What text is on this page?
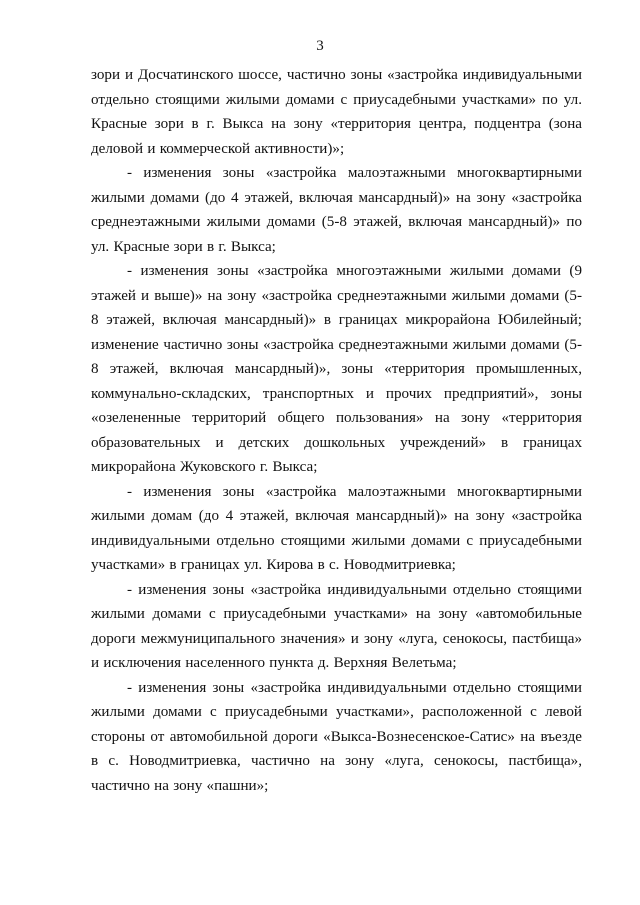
3

зори и Досчатинского шоссе, частично зоны «застройка индивидуальными отдельно стоящими жилыми домами с приусадебными участками» по ул. Красные зори в г. Выкса на зону «территория центра, подцентра (зона деловой и коммерческой активности)»;

- изменения зоны «застройка малоэтажными многоквартирными жилыми домами (до 4 этажей, включая мансардный)» на зону «застройка среднеэтажными жилыми домами (5-8 этажей, включая мансардный)» по ул. Красные зори в г. Выкса;

- изменения зоны «застройка многоэтажными жилыми домами (9 этажей и выше)» на зону «застройка среднеэтажными жилыми домами (5-8 этажей, включая мансардный)» в границах микрорайона Юбилейный; изменение частично зоны «застройка среднеэтажными жилыми домами (5-8 этажей, включая мансардный)», зоны «территория промышленных, коммунально-складских, транспортных и прочих предприятий», зоны «озелененные территорий общего пользования» на зону «территория образовательных и детских дошкольных учреждений» в границах микрорайона Жуковского г. Выкса;

- изменения зоны «застройка малоэтажными многоквартирными жилыми домам (до 4 этажей, включая мансардный)» на зону «застройка индивидуальными отдельно стоящими жилыми домами с приусадебными участками» в границах ул. Кирова в с. Новодмитриевка;

- изменения зоны «застройка индивидуальными отдельно стоящими жилыми домами с приусадебными участками» на зону «автомобильные дороги межмуниципального значения» и зону «луга, сенокосы, пастбища» и исключения населенного пункта д. Верхняя Велетьма;

- изменения зоны «застройка индивидуальными отдельно стоящими жилыми домами с приусадебными участками», расположенной с левой стороны от автомобильной дороги «Выкса-Вознесенское-Сатис» на въезде в с. Новодмитриевка, частично на зону «луга, сенокосы, пастбища», частично на зону «пашни»;
